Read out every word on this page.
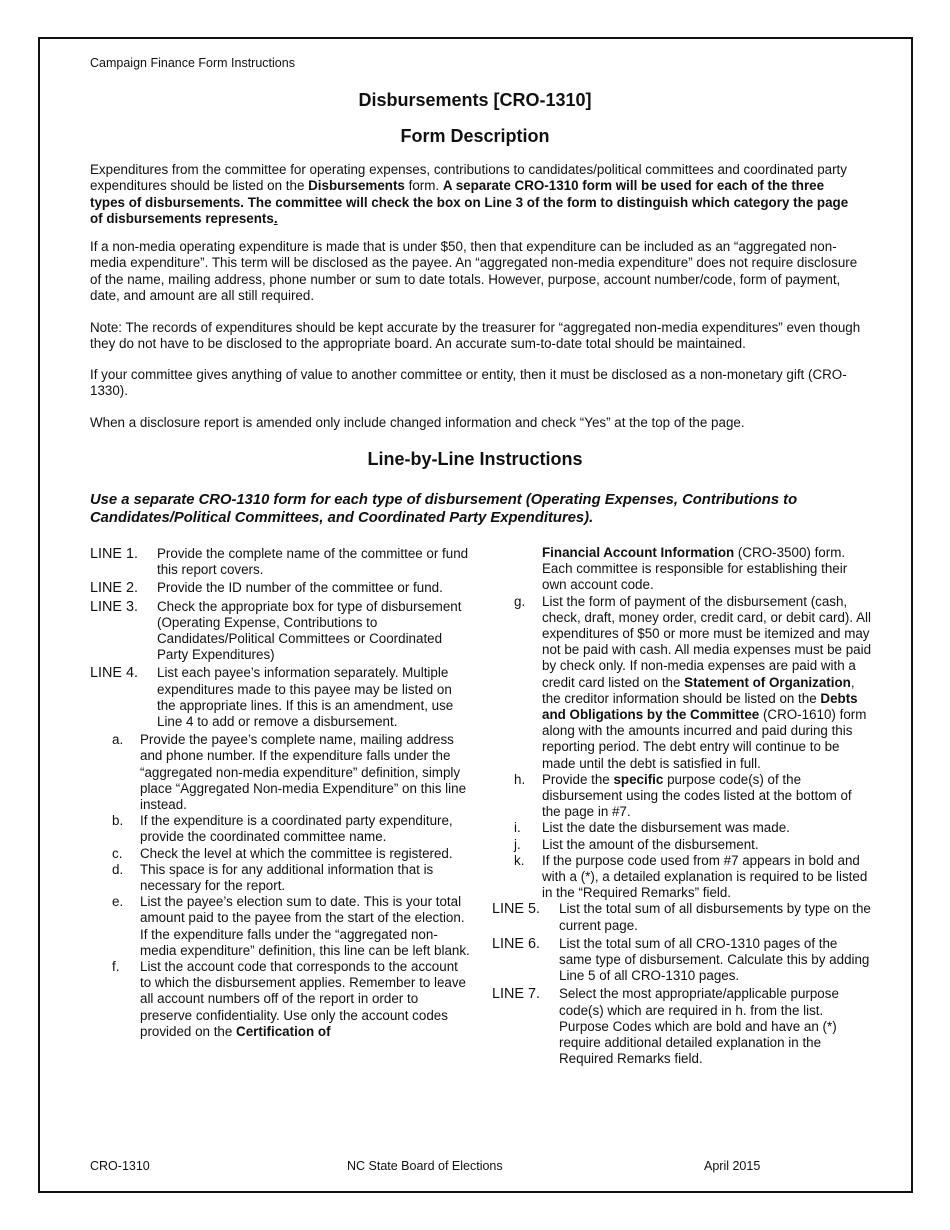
Campaign Finance Form Instructions
Disbursements [CRO-1310]
Form Description
Expenditures from the committee for operating expenses, contributions to candidates/political committees and coordinated party expenditures should be listed on the Disbursements form. A separate CRO-1310 form will be used for each of the three types of disbursements. The committee will check the box on Line 3 of the form to distinguish which category the page of disbursements represents.
If a non-media operating expenditure is made that is under $50, then that expenditure can be included as an “aggregated non-media expenditure”. This term will be disclosed as the payee. An “aggregated non-media expenditure” does not require disclosure of the name, mailing address, phone number or sum to date totals. However, purpose, account number/code, form of payment, date, and amount are all still required.
Note: The records of expenditures should be kept accurate by the treasurer for “aggregated non-media expenditures” even though they do not have to be disclosed to the appropriate board. An accurate sum-to-date total should be maintained.
If your committee gives anything of value to another committee or entity, then it must be disclosed as a non-monetary gift (CRO-1330).
When a disclosure report is amended only include changed information and check “Yes” at the top of the page.
Line-by-Line Instructions
Use a separate CRO-1310 form for each type of disbursement (Operating Expenses, Contributions to Candidates/Political Committees, and Coordinated Party Expenditures).
LINE 1.	Provide the complete name of the committee or fund this report covers.
LINE 2.	Provide the ID number of the committee or fund.
LINE 3.	Check the appropriate box for type of disbursement (Operating Expense, Contributions to Candidates/Political Committees or Coordinated Party Expenditures)
LINE 4.	List each payee’s information separately. Multiple expenditures made to this payee may be listed on the appropriate lines. If this is an amendment, use Line 4 to add or remove a disbursement.
a.	Provide the payee’s complete name, mailing address and phone number. If the expenditure falls under the “aggregated non-media expenditure” definition, simply place “Aggregated Non-media Expenditure” on this line instead.
b.	If the expenditure is a coordinated party expenditure, provide the coordinated committee name.
c.	Check the level at which the committee is registered.
d.	This space is for any additional information that is necessary for the report.
e.	List the payee’s election sum to date. This is your total amount paid to the payee from the start of the election. If the expenditure falls under the “aggregated non-media expenditure” definition, this line can be left blank.
f.	List the account code that corresponds to the account to which the disbursement applies. Remember to leave all account numbers off of the report in order to preserve confidentiality. Use only the account codes provided on the Certification of
Financial Account Information (CRO-3500) form. Each committee is responsible for establishing their own account code.
g.	List the form of payment of the disbursement (cash, check, draft, money order, credit card, or debit card). All expenditures of $50 or more must be itemized and may not be paid with cash. All media expenses must be paid by check only. If non-media expenses are paid with a credit card listed on the Statement of Organization, the creditor information should be listed on the Debts and Obligations by the Committee (CRO-1610) form along with the amounts incurred and paid during this reporting period. The debt entry will continue to be made until the debt is satisfied in full.
h.	Provide the specific purpose code(s) of the disbursement using the codes listed at the bottom of the page in #7.
i.	List the date the disbursement was made.
j.	List the amount of the disbursement.
k.	If the purpose code used from #7 appears in bold and with a (*), a detailed explanation is required to be listed in the “Required Remarks” field.
LINE 5.	List the total sum of all disbursements by type on the current page.
LINE 6.	List the total sum of all CRO-1310 pages of the same type of disbursement. Calculate this by adding Line 5 of all CRO-1310 pages.
LINE 7.	Select the most appropriate/applicable purpose code(s) which are required in h. from the list. Purpose Codes which are bold and have an (*) require additional detailed explanation in the Required Remarks field.
CRO-1310	NC State Board of Elections	April 2015
